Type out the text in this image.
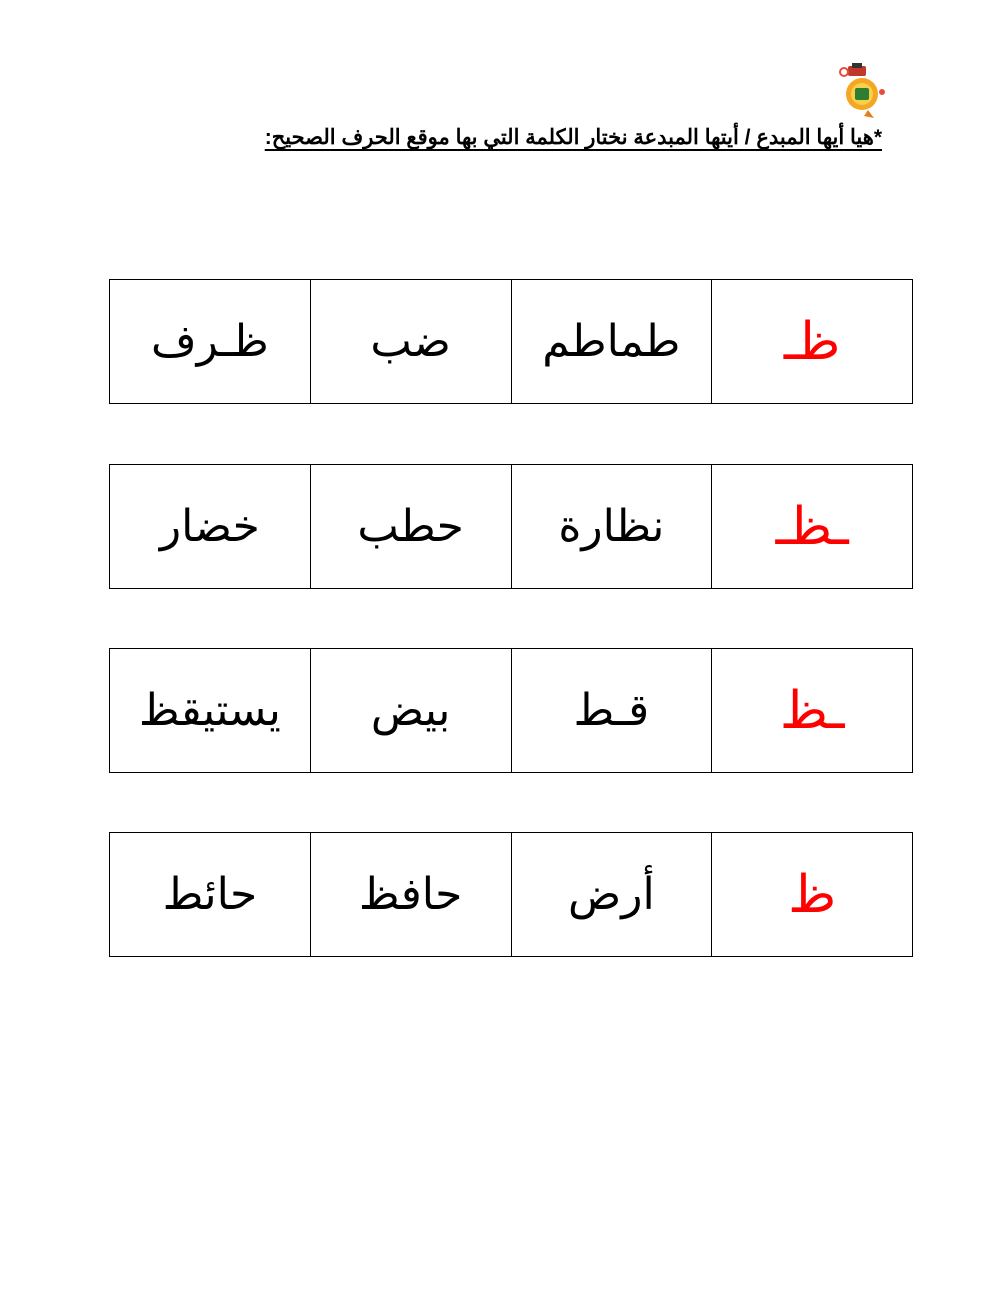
*هيا أيها المبدع / أيتها المبدعة نختار الكلمة التي بها موقع الحرف الصحيح:
ظـرف	ضب	طماطم	ظـ
خضار	حطب	نظارة	ـظـ
يستيقظ	بيض	قـط	ـظ
حائط	حافظ	أرض	ظ
